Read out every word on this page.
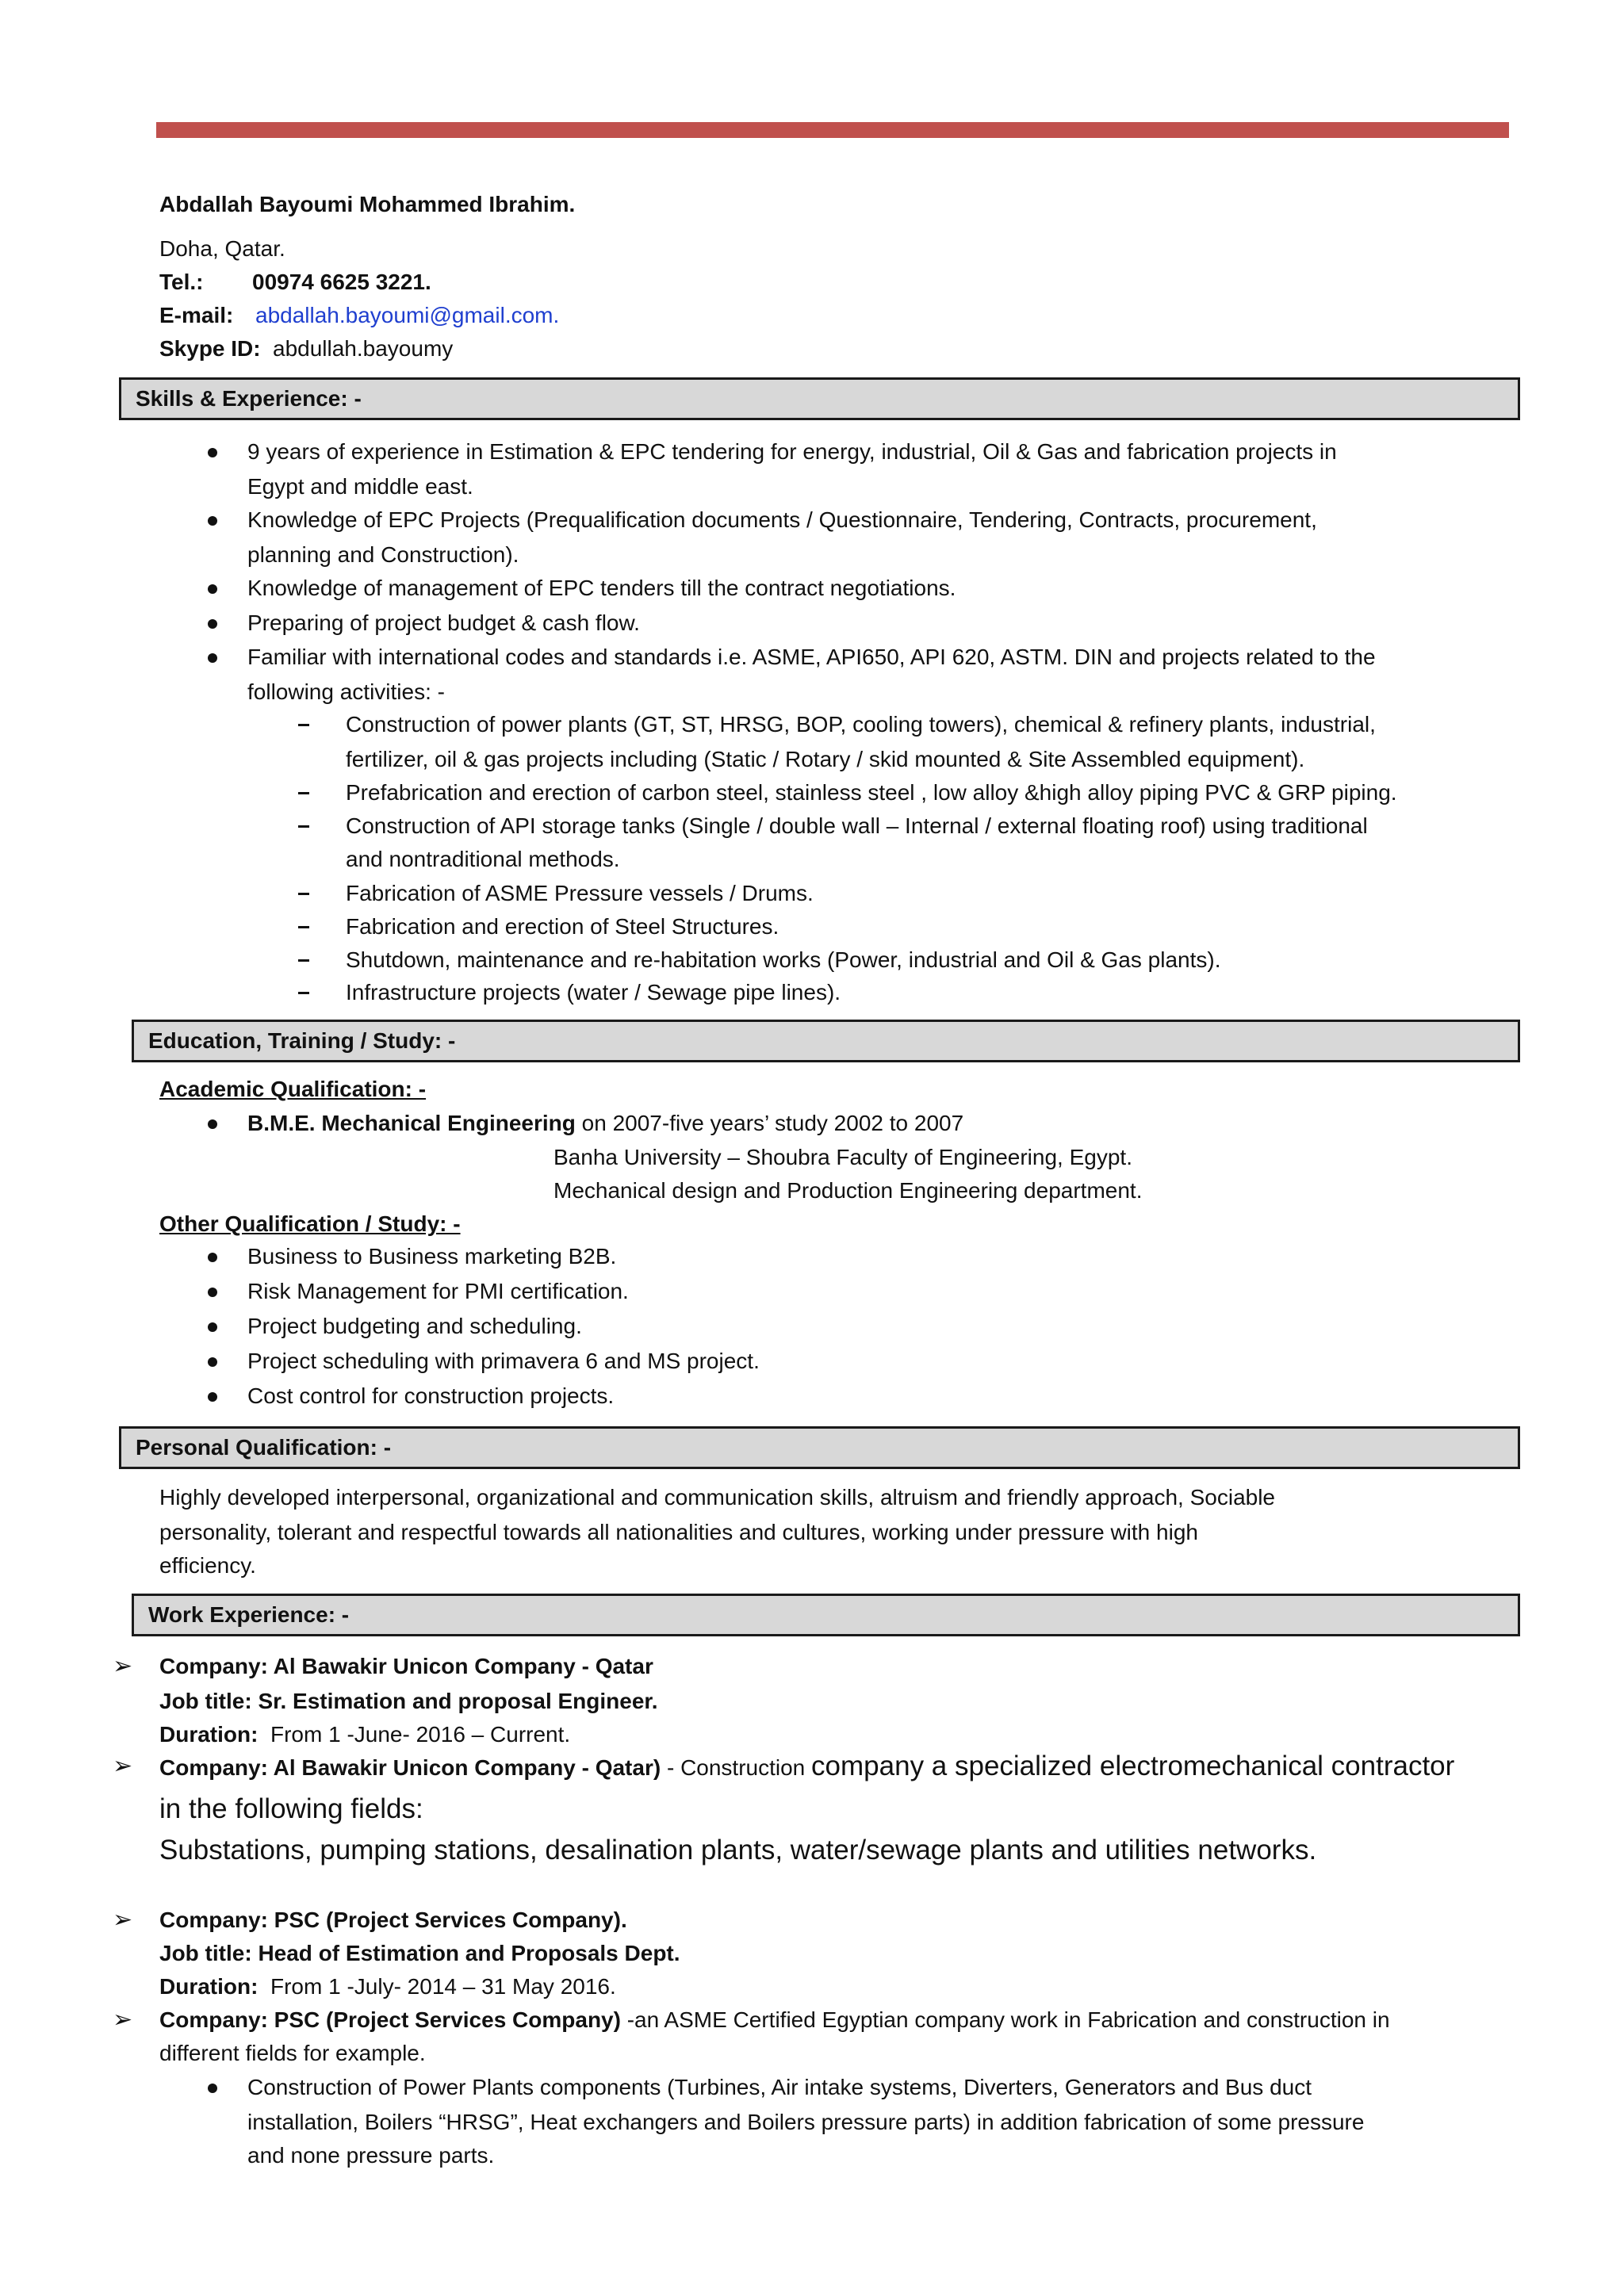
Abdallah Bayoumi Mohammed Ibrahim.
Doha, Qatar.
Tel.: 00974 6625 3221.
E-mail: abdallah.bayoumi@gmail.com.
Skype ID: abdullah.bayoumy
Skills & Experience: -
9 years of experience in Estimation & EPC tendering for energy, industrial, Oil & Gas and fabrication projects in
Egypt and middle east.
Knowledge of EPC Projects (Prequalification documents / Questionnaire, Tendering, Contracts, procurement,
planning and Construction).
Knowledge of management of EPC tenders till the contract negotiations.
Preparing of project budget & cash flow.
Familiar with international codes and standards i.e. ASME, API650, API 620, ASTM. DIN and projects related to the
following activities: -
Construction of power plants (GT, ST, HRSG, BOP, cooling towers), chemical & refinery plants, industrial,
fertilizer, oil & gas projects including (Static / Rotary / skid mounted & Site Assembled equipment).
Prefabrication and erection of carbon steel, stainless steel , low alloy &high alloy piping PVC & GRP piping.
Construction of API storage tanks (Single / double wall – Internal / external floating roof) using traditional
and nontraditional methods.
Fabrication of ASME Pressure vessels / Drums.
Fabrication and erection of Steel Structures.
Shutdown, maintenance and re-habitation works (Power, industrial and Oil & Gas plants).
Infrastructure projects (water / Sewage pipe lines).
Education, Training / Study: -
Academic Qualification: -
B.M.E. Mechanical Engineering on 2007-five years’ study 2002 to 2007
Banha University – Shoubra Faculty of Engineering, Egypt.
Mechanical design and Production Engineering department.
Other Qualification / Study: -
Business to Business marketing B2B.
Risk Management for PMI certification.
Project budgeting and scheduling.
Project scheduling with primavera 6 and MS project.
Cost control for construction projects.
Personal Qualification: -
Highly developed interpersonal, organizational and communication skills, altruism and friendly approach, Sociable
personality, tolerant and respectful towards all nationalities and cultures, working under pressure with high
efficiency.
Work Experience: -
➢ Company: Al Bawakir Unicon Company - Qatar
Job title: Sr. Estimation and proposal Engineer.
Duration: From 1 -June- 2016 – Current.
➢ Company: Al Bawakir Unicon Company - Qatar) - Construction company a specialized electromechanical contractor
in the following fields:
Substations, pumping stations, desalination plants, water/sewage plants and utilities networks.
➢ Company: PSC (Project Services Company).
Job title: Head of Estimation and Proposals Dept.
Duration: From 1 -July- 2014 – 31 May 2016.
➢ Company: PSC (Project Services Company) -an ASME Certified Egyptian company work in Fabrication and construction in
different fields for example.
Construction of Power Plants components (Turbines, Air intake systems, Diverters, Generators and Bus duct
installation, Boilers “HRSG”, Heat exchangers and Boilers pressure parts) in addition fabrication of some pressure
and none pressure parts.
